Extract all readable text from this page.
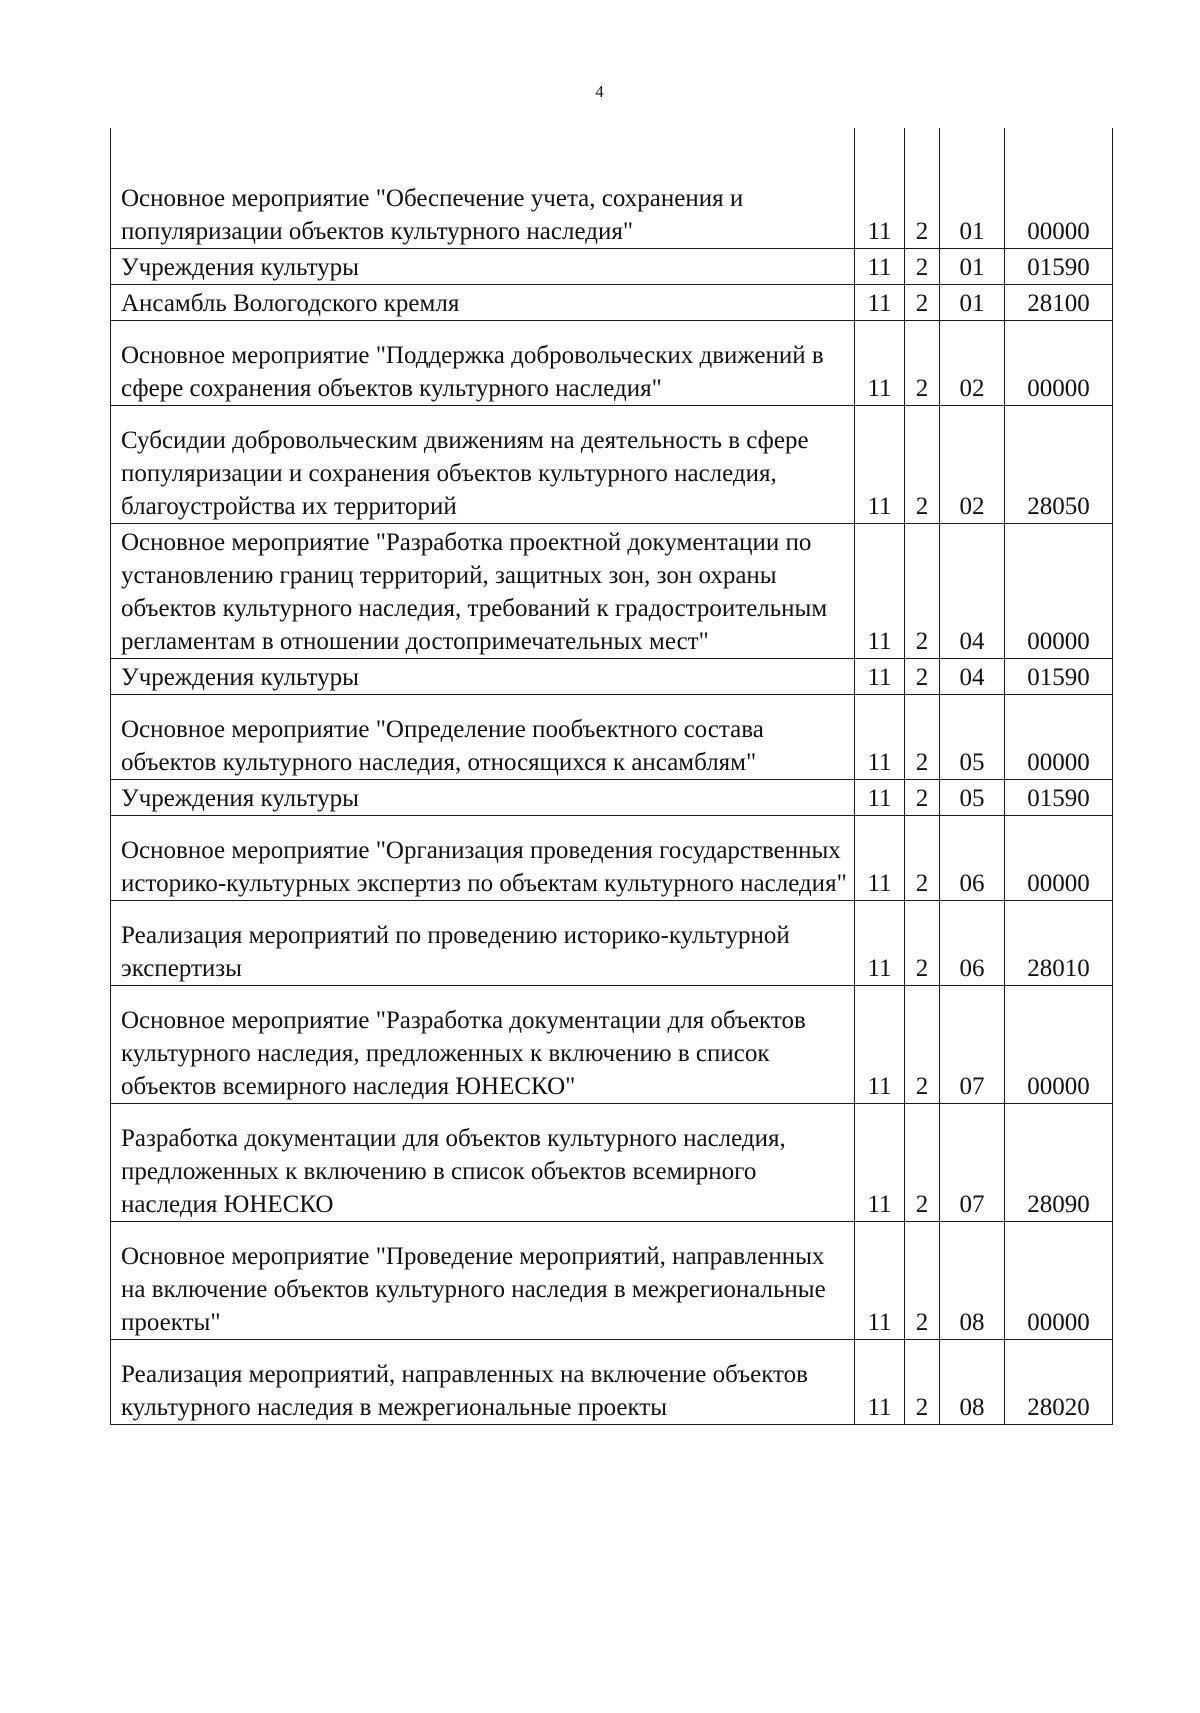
4

Основное мероприятие "Обеспечение учета, сохранения и популяризации объектов культурного наследия"	11	2	01	00000
Учреждения культуры	11	2	01	01590
Ансамбль Вологодского кремля	11	2	01	28100
Основное мероприятие "Поддержка добровольческих движений в сфере сохранения объектов культурного наследия"	11	2	02	00000
Субсидии добровольческим движениям на деятельность в сфере популяризации и сохранения объектов культурного наследия, благоустройства их территорий	11	2	02	28050
Основное мероприятие "Разработка проектной документации по установлению границ территорий, защитных зон, зон охраны объектов культурного наследия, требований к градостроительным регламентам в отношении достопримечательных мест"	11	2	04	00000
Учреждения культуры	11	2	04	01590
Основное мероприятие "Определение пообъектного состава объектов культурного наследия, относящихся к ансамблям"	11	2	05	00000
Учреждения культуры	11	2	05	01590
Основное мероприятие "Организация проведения государственных историко-культурных экспертиз по объектам культурного наследия"	11	2	06	00000
Реализация мероприятий по проведению историко-культурной экспертизы	11	2	06	28010
Основное мероприятие "Разработка документации для объектов культурного наследия, предложенных к включению в список объектов всемирного наследия ЮНЕСКО"	11	2	07	00000
Разработка документации для объектов культурного наследия, предложенных к включению в список объектов всемирного наследия ЮНЕСКО	11	2	07	28090
Основное мероприятие "Проведение мероприятий, направленных на включение объектов культурного наследия в межрегиональные проекты"	11	2	08	00000
Реализация мероприятий, направленных на включение объектов культурного наследия в межрегиональные проекты	11	2	08	28020
